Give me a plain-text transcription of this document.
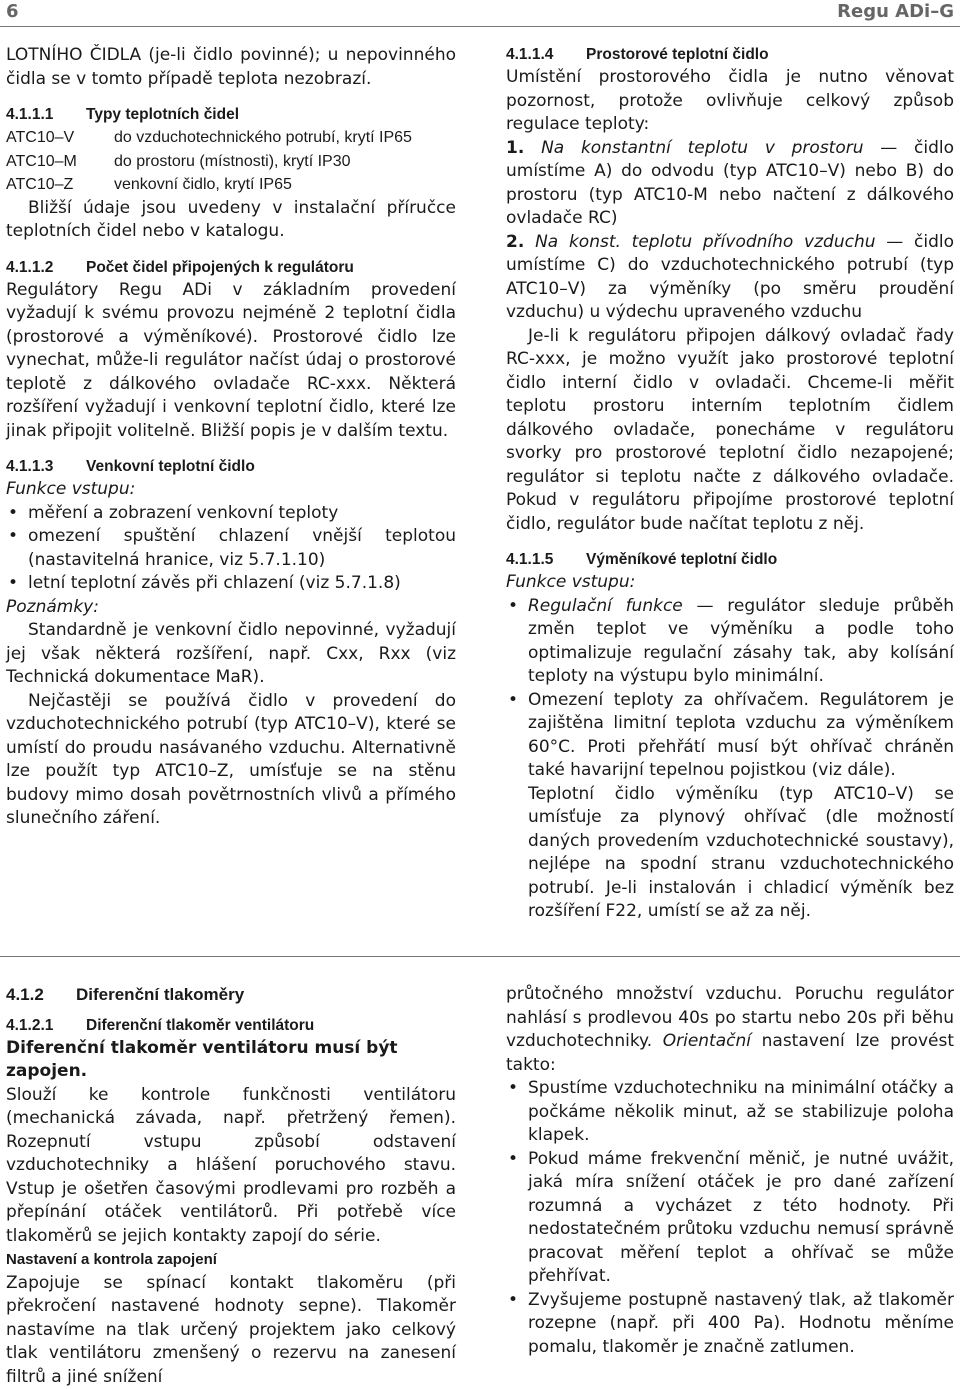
6	Regu ADi–G

LOTNÍHO ČIDLA (je-li čidlo povinné); u nepovinného čidla se v tomto případě teplota nezobrazí.

4.1.1.1 Typy teplotních čidel
ATC10–V do vzduchotechnického potrubí, krytí IP65
ATC10–M do prostoru (místnosti), krytí IP30
ATC10–Z	venkovní čidlo, krytí IP65

Bližší údaje jsou uvedeny v instalační příručce teplotních čidel nebo v katalogu.

4.1.1.2 Počet čidel připojených k regulátoru

Regulátory Regu ADi v základním provedení vyžadují k svému provozu nejméně 2 teplotní čidla (prostorové a výměníkové). Prostorové čidlo lze vynechat, může-li regulátor načíst údaj o prostorové teplotě z dálkového ovladače RC-xxx. Některá rozšíření vyžadují i venkovní teplotní čidlo, které lze jinak připojit volitelně. Bližší popis je v dalším textu.

4.1.1.3 Venkovní teplotní čidlo

Funkce vstupu:

• měření a zobrazení venkovní teploty
• omezení spuštění chlazení vnější teplotou (nastavitelná hranice, viz 5.7.1.10)
• letní teplotní závěs při chlazení (viz 5.7.1.8)

Poznámky:

Standardně je venkovní čidlo nepovinné, vyžadují jej však některá rozšíření, např. Cxx, Rxx (viz Technická dokumentace MaR).

Nejčastěji se používá čidlo v provedení do vzduchotechnického potrubí (typ ATC10–V), které se umístí do proudu nasávaného vzduchu. Alternativně lze použít typ ATC10–Z, umísťuje se na stěnu budovy mimo dosah povětrnostních vlivů a přímého slunečního záření.

4.1.1.4 Prostorové teplotní čidlo

Umístění prostorového čidla je nutno věnovat pozornost, protože ovlivňuje celkový způsob regulace teploty:

1. Na konstantní teplotu v prostoru — čidlo umístíme A) do odvodu (typ ATC10–V) nebo B) do prostoru (typ ATC10-M nebo načtení z dálkového ovladače RC)

2. Na konst. teplotu přívodního vzduchu — čidlo umístíme C) do vzduchotechnického potrubí (typ ATC10–V) za výměníky (po směru proudění vzduchu) u výdechu upraveného vzduchu

Je-li k regulátoru připojen dálkový ovladač řady RC-xxx, je možno využít jako prostorové teplotní čidlo interní čidlo v ovladači. Chceme-li měřit teplotu prostoru interním teplotním čidlem dálkového ovladače, ponecháme v regulátoru svorky pro prostorové teplotní čidlo nezapojené; regulátor si teplotu načte z dálkového ovladače. Pokud v regulátoru připojíme prostorové teplotní čidlo, regulátor bude načítat teplotu z něj.

4.1.1.5 Výměníkové teplotní čidlo

Funkce vstupu:

• Regulační funkce — regulátor sleduje průběh změn teplot ve výměníku a podle toho optimalizuje regulační zásahy tak, aby kolísání teploty na výstupu bylo minimální.
• Omezení teploty za ohřívačem. Regulátorem je zajištěna limitní teplota vzduchu za výměníkem 60°C. Proti přehřátí musí být ohřívač chráněn také havarijní tepelnou pojistkou (viz dále).

Teplotní čidlo výměníku (typ ATC10–V) se umísťuje za plynový ohřívač (dle možností daných provedením vzduchotechnické soustavy), nejlépe na spodní stranu vzduchotechnického potrubí. Je-li instalován i chladicí výměník bez rozšíření F22, umístí se až za něj.

4.1.2 Diferenční tlakoměry
4.1.2.1 Diferenční tlakoměr ventilátoru

Diferenční tlakoměr ventilátoru musí být zapojen.

Slouží ke kontrole funkčnosti ventilátoru (mechanická závada, např. přetržený řemen). Rozepnutí vstupu způsobí odstavení vzduchotechniky a hlášení poruchového stavu. Vstup je ošetřen časovými prodlevami pro rozběh a přepínání otáček ventilátorů. Při potřebě více tlakoměrů se jejich kontakty zapojí do série.

Nastavení a kontrola zapojení

Zapojuje se spínací kontakt tlakoměru (při překročení nastavené hodnoty sepne). Tlakoměr nastavíme na tlak určený projektem jako celkový tlak ventilátoru zmenšený o rezervu na zanesení filtrů a jiné snížení

průtočného množství vzduchu. Poruchu regulátor nahlásí s prodlevou 40s po startu nebo 20s při běhu vzduchotechniky. Orientační nastavení lze provést takto:

• Spustíme vzduchotechniku na minimální otáčky a počkáme několik minut, až se stabilizuje poloha klapek.
• Pokud máme frekvenční měnič, je nutné uvážit, jaká míra snížení otáček je pro dané zařízení rozumná a vycházet z této hodnoty. Při nedostatečném průtoku vzduchu nemusí správně pracovat měření teplot a ohřívač se může přehřívat.
• Zvyšujeme postupně nastavený tlak, až tlakoměr rozepne (např. při 400 Pa). Hodnotu měníme pomalu, tlakoměr je značně zatlumen.
